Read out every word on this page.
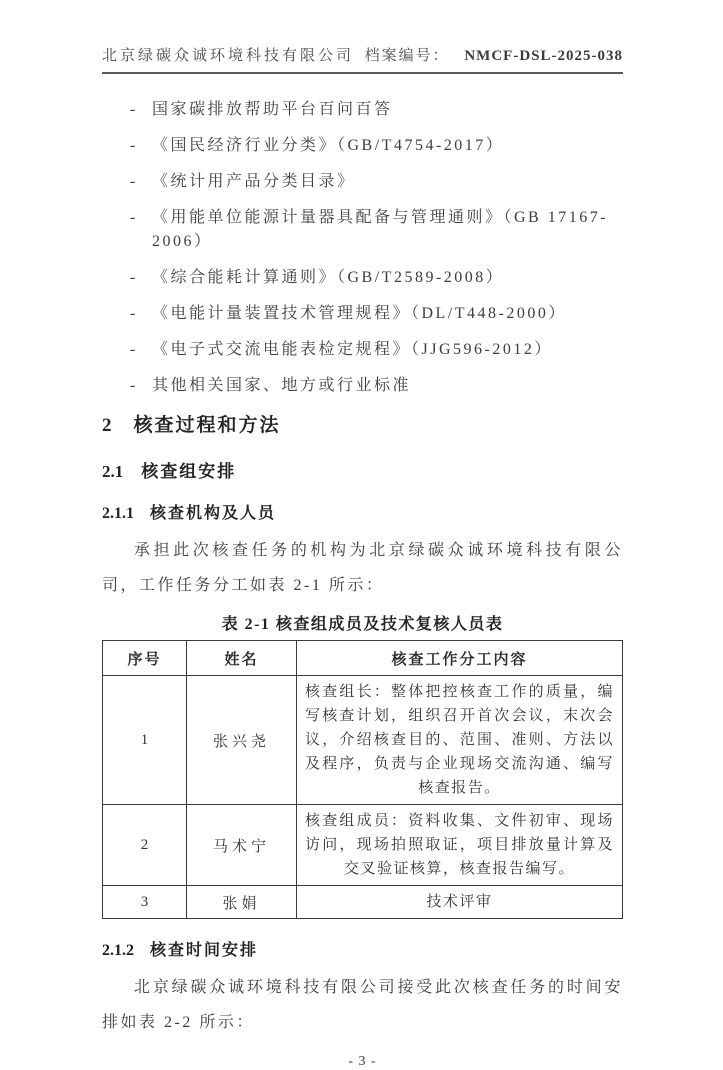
北京绿碳众诚环境科技有限公司 档案编号： NMCF-DSL-2025-038
-	国家碳排放帮助平台百问百答
-	《国民经济行业分类》（GB/T4754-2017）
-	《统计用产品分类目录》
-	《用能单位能源计量器具配备与管理通则》（GB 17167-2006）
-	《综合能耗计算通则》（GB/T2589-2008）
-	《电能计量装置技术管理规程》（DL/T448-2000）
-	《电子式交流电能表检定规程》（JJG596-2012）
-	其他相关国家、地方或行业标准
2 核查过程和方法
2.1 核查组安排
2.1.1 核查机构及人员
承担此次核查任务的机构为北京绿碳众诚环境科技有限公司，工作任务分工如表 2-1 所示：
表 2-1 核查组成员及技术复核人员表
序号	姓名	核查工作分工内容
1	张兴尧	核查组长：整体把控核查工作的质量，编写核查计划，组织召开首次会议，末次会议，介绍核查目的、范围、准则、方法以及程序，负责与企业现场交流沟通、编写核查报告。
2	马术宁	核查组成员：资料收集、文件初审、现场访问，现场拍照取证，项目排放量计算及交叉验证核算，核查报告编写。
3	张娟	技术评审
2.1.2 核查时间安排
北京绿碳众诚环境科技有限公司接受此次核查任务的时间安排如表 2-2 所示：
- 3 -
